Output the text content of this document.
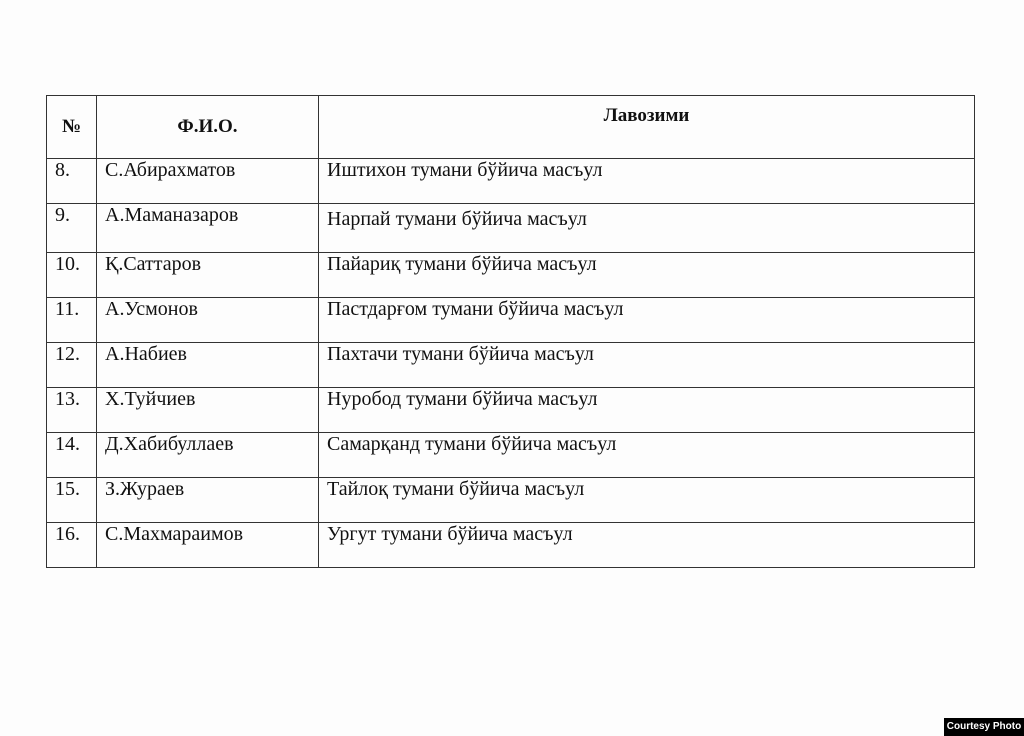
№	Ф.И.О.	Лавозими
8.	С.Абирахматов	Иштихон тумани бўйича масъул
9.	А.Маманазаров	Нарпай тумани бўйича масъул
10.	Қ.Саттаров	Пайариқ тумани бўйича масъул
11.	А.Усмонов	Пастдарғом тумани бўйича масъул
12.	А.Набиев	Пахтачи тумани бўйича масъул
13.	Х.Туйчиев	Нуробод тумани бўйича масъул
14.	Д.Хабибуллаев	Самарқанд тумани бўйича масъул
15.	З.Жураев	Тайлоқ тумани бўйича масъул
16.	С.Махмараимов	Ургут тумани бўйича масъул
Courtesy Photo
